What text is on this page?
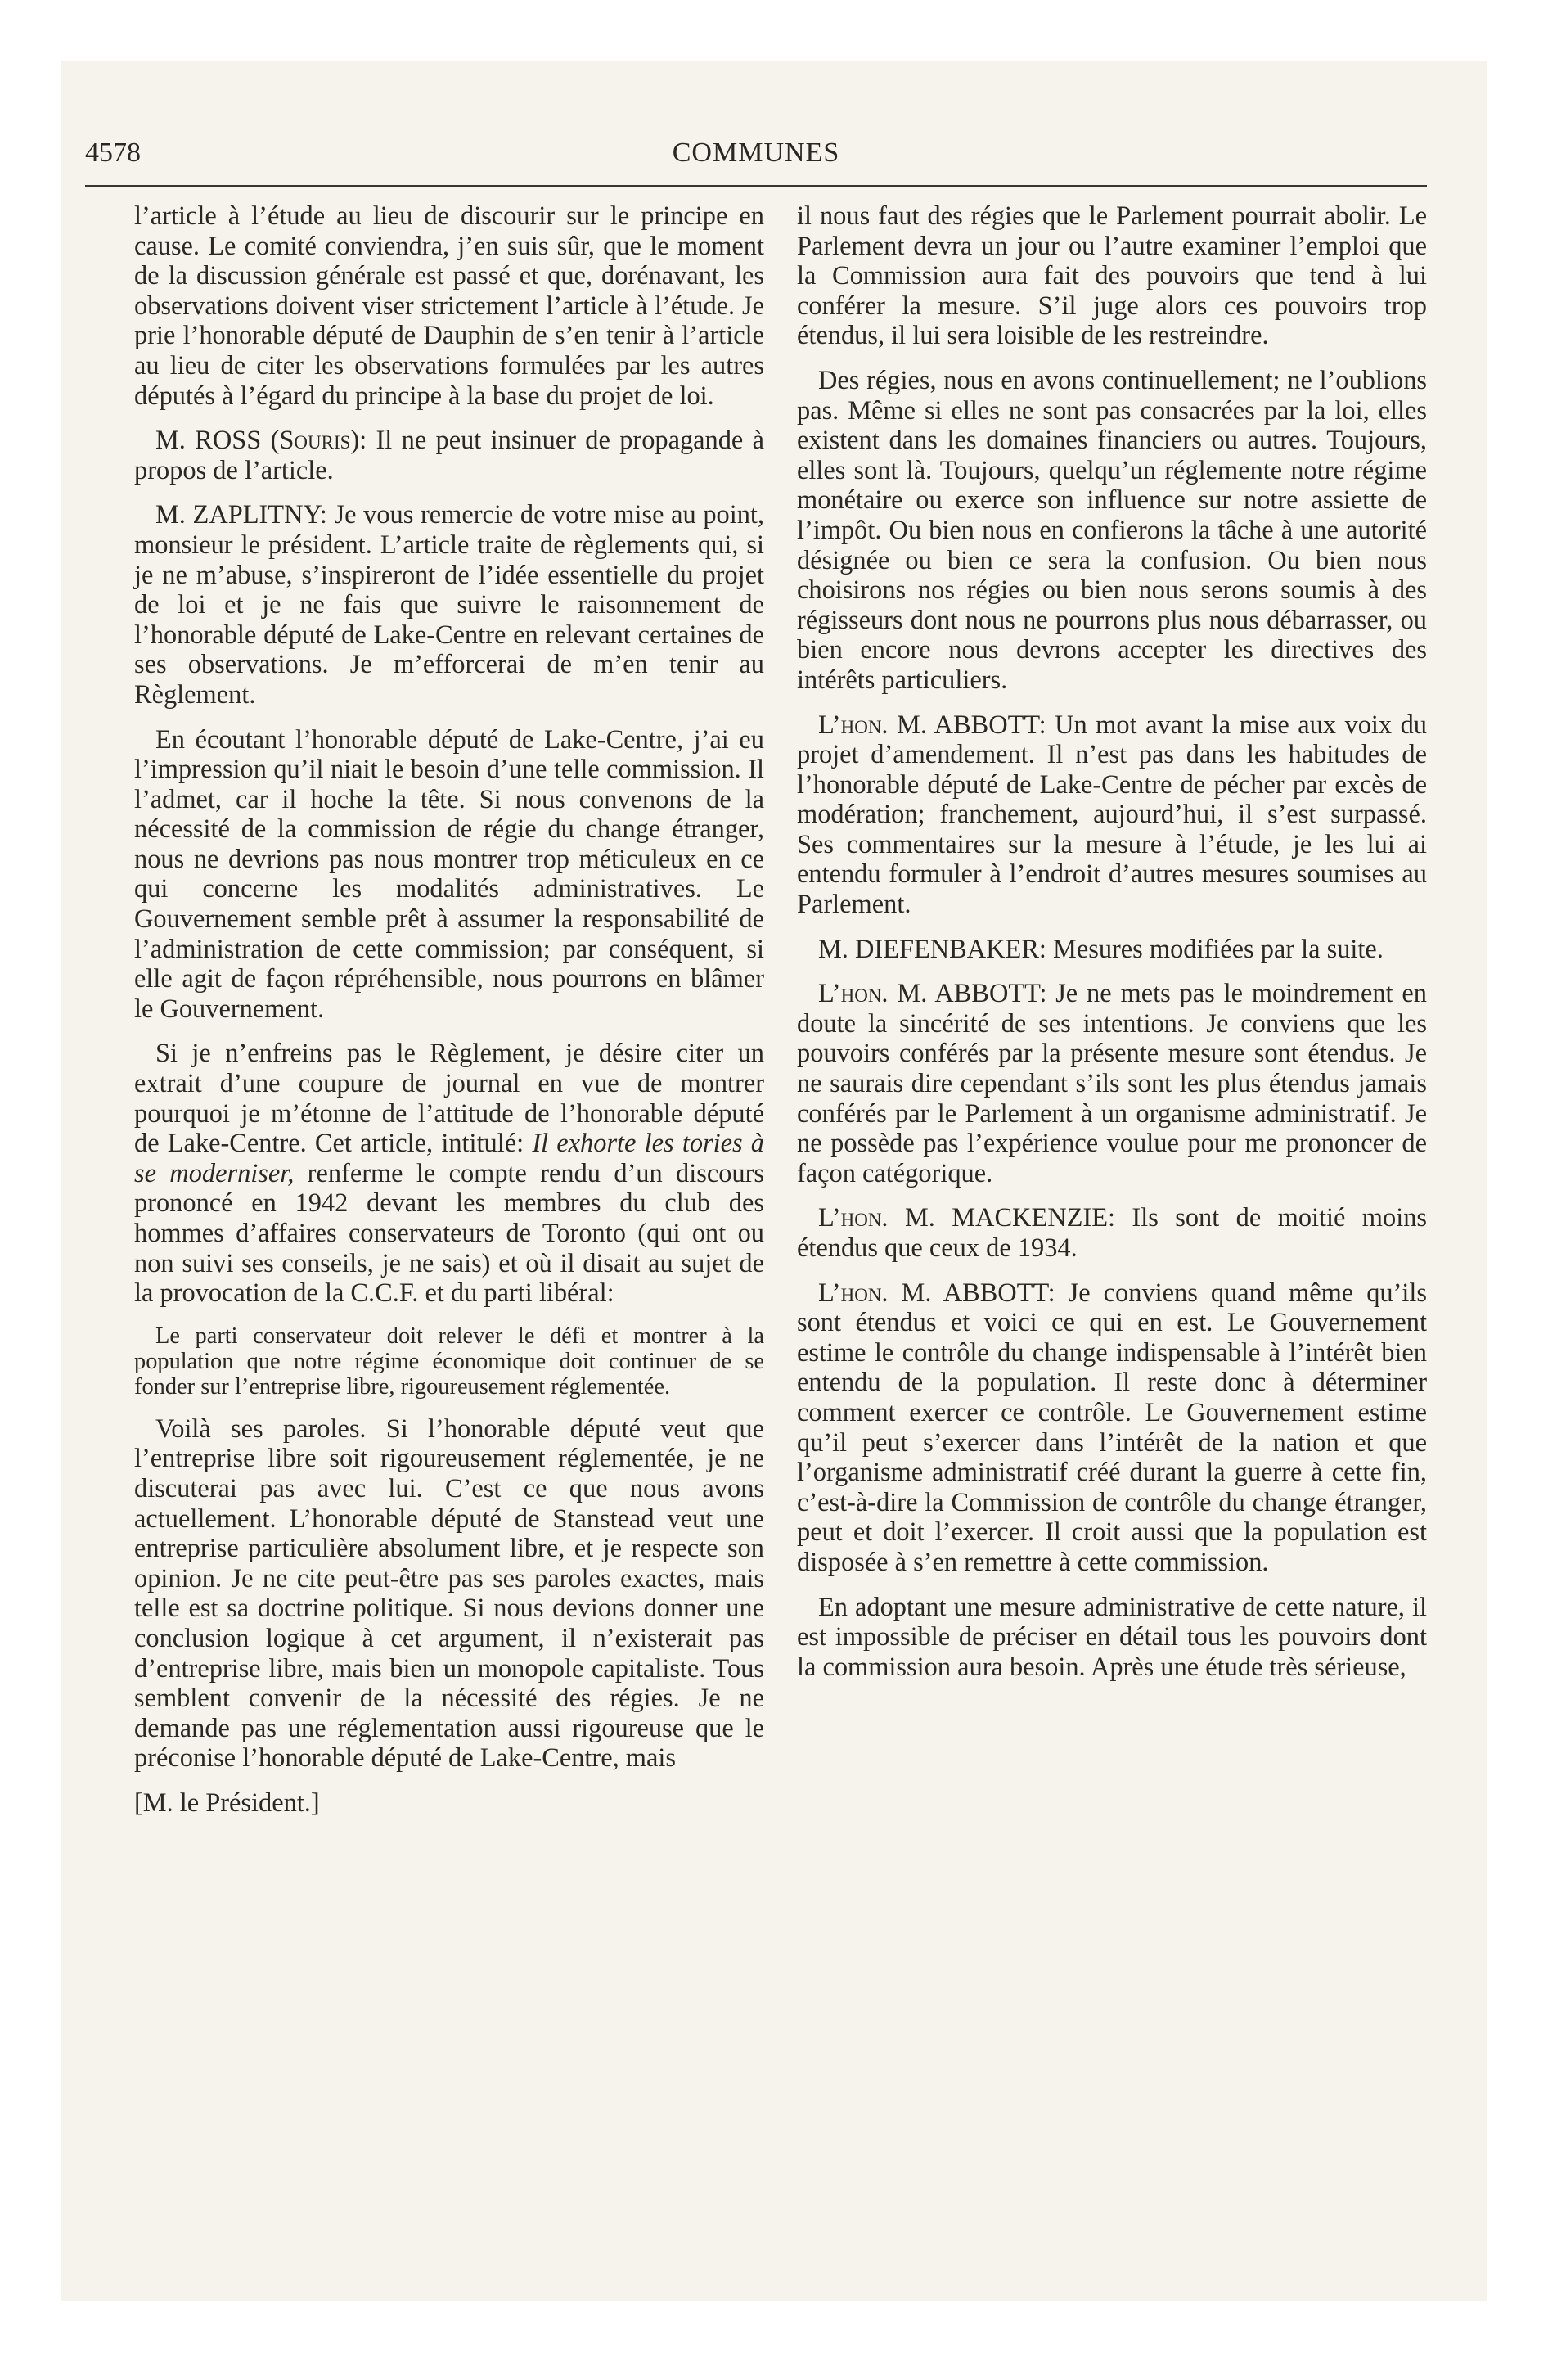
4578	COMMUNES

l’article à l’étude au lieu de discourir sur le principe en cause. Le comité conviendra, j’en suis sûr, que le moment de la discussion générale est passé et que, dorénavant, les observations doivent viser strictement l’article à l’étude. Je prie l’honorable député de Dauphin de s’en tenir à l’article au lieu de citer les observations formulées par les autres députés à l’égard du principe à la base du projet de loi.

M. ROSS (Souris): Il ne peut insinuer de propagande à propos de l’article.

M. ZAPLITNY: Je vous remercie de votre mise au point, monsieur le président. L’article traite de règlements qui, si je ne m’abuse, s’inspireront de l’idée essentielle du projet de loi et je ne fais que suivre le raisonnement de l’honorable député de Lake-Centre en relevant certaines de ses observations. Je m’efforcerai de m’en tenir au Règlement.

En écoutant l’honorable député de Lake-Centre, j’ai eu l’impression qu’il niait le besoin d’une telle commission. Il l’admet, car il hoche la tête. Si nous convenons de la nécessité de la commission de régie du change étranger, nous ne devrions pas nous montrer trop méticuleux en ce qui concerne les modalités administratives. Le Gouvernement semble prêt à assumer la responsabilité de l’administration de cette commission; par conséquent, si elle agit de façon répréhensible, nous pourrons en blâmer le Gouvernement.

Si je n’enfreins pas le Règlement, je désire citer un extrait d’une coupure de journal en vue de montrer pourquoi je m’étonne de l’attitude de l’honorable député de Lake-Centre. Cet article, intitulé: Il exhorte les tories à se moderniser, renferme le compte rendu d’un discours prononcé en 1942 devant les membres du club des hommes d’affaires conservateurs de Toronto (qui ont ou non suivi ses conseils, je ne sais) et où il disait au sujet de la provocation de la C.C.F. et du parti libéral:

Le parti conservateur doit relever le défi et montrer à la population que notre régime économique doit continuer de se fonder sur l’entreprise libre, rigoureusement réglementée.

Voilà ses paroles. Si l’honorable député veut que l’entreprise libre soit rigoureusement réglementée, je ne discuterai pas avec lui. C’est ce que nous avons actuellement. L’honorable député de Stanstead veut une entreprise particulière absolument libre, et je respecte son opinion. Je ne cite peut-être pas ses paroles exactes, mais telle est sa doctrine politique. Si nous devions donner une conclusion logique à cet argument, il n’existerait pas d’entreprise libre, mais bien un monopole capitaliste. Tous semblent convenir de la nécessité des régies. Je ne demande pas une réglementation aussi rigoureuse que le préconise l’honorable député de Lake-Centre, mais

[M. le Président.]

il nous faut des régies que le Parlement pourrait abolir. Le Parlement devra un jour ou l’autre examiner l’emploi que la Commission aura fait des pouvoirs que tend à lui conférer la mesure. S’il juge alors ces pouvoirs trop étendus, il lui sera loisible de les restreindre.

Des régies, nous en avons continuellement; ne l’oublions pas. Même si elles ne sont pas consacrées par la loi, elles existent dans les domaines financiers ou autres. Toujours, elles sont là. Toujours, quelqu’un réglemente notre régime monétaire ou exerce son influence sur notre assiette de l’impôt. Ou bien nous en confierons la tâche à une autorité désignée ou bien ce sera la confusion. Ou bien nous choisirons nos régies ou bien nous serons soumis à des régisseurs dont nous ne pourrons plus nous débarrasser, ou bien encore nous devrons accepter les directives des intérêts particuliers.

L’hon. M. ABBOTT: Un mot avant la mise aux voix du projet d’amendement. Il n’est pas dans les habitudes de l’honorable député de Lake-Centre de pécher par excès de modération; franchement, aujourd’hui, il s’est surpassé. Ses commentaires sur la mesure à l’étude, je les lui ai entendu formuler à l’endroit d’autres mesures soumises au Parlement.

M. DIEFENBAKER: Mesures modifiées par la suite.

L’hon. M. ABBOTT: Je ne mets pas le moindrement en doute la sincérité de ses intentions. Je conviens que les pouvoirs conférés par la présente mesure sont étendus. Je ne saurais dire cependant s’ils sont les plus étendus jamais conférés par le Parlement à un organisme administratif. Je ne possède pas l’expérience voulue pour me prononcer de façon catégorique.

L’hon. M. MACKENZIE: Ils sont de moitié moins étendus que ceux de 1934.

L’hon. M. ABBOTT: Je conviens quand même qu’ils sont étendus et voici ce qui en est. Le Gouvernement estime le contrôle du change indispensable à l’intérêt bien entendu de la population. Il reste donc à déterminer comment exercer ce contrôle. Le Gouvernement estime qu’il peut s’exercer dans l’intérêt de la nation et que l’organisme administratif créé durant la guerre à cette fin, c’est-à-dire la Commission de contrôle du change étranger, peut et doit l’exercer. Il croit aussi que la population est disposée à s’en remettre à cette commission.

En adoptant une mesure administrative de cette nature, il est impossible de préciser en détail tous les pouvoirs dont la commission aura besoin. Après une étude très sérieuse,
